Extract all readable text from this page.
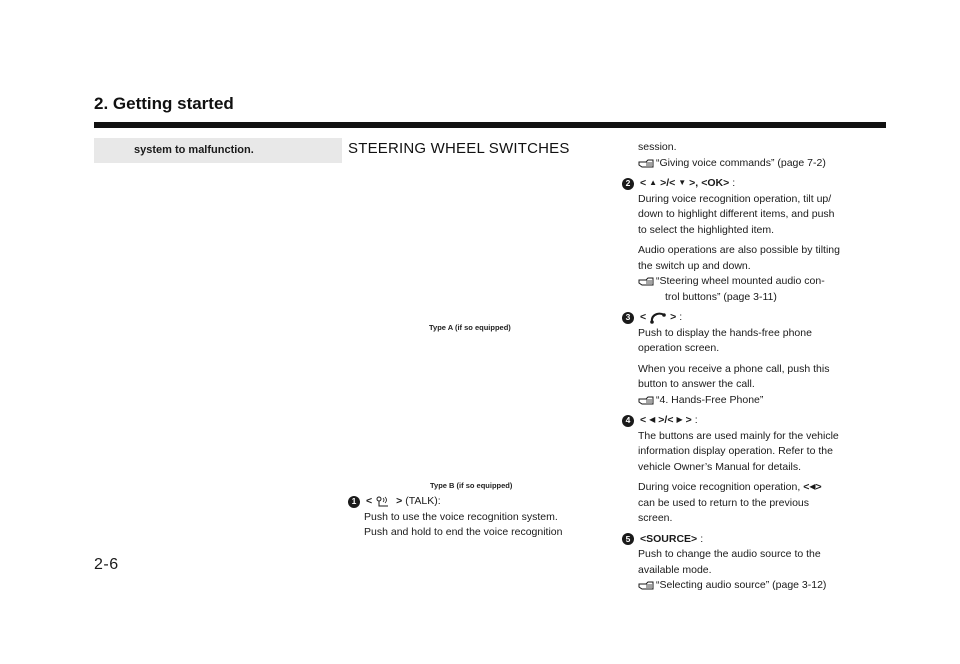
2. Getting started
system to malfunction.
2-6
STEERING WHEEL SWITCHES
Type A (if so equipped)
Type B (if so equipped)
1 < > (TALK):

Push to use the voice recognition system.

Push and hold to end the voice recognition

session.

“Giving voice commands” (page 7-2)
2 < ▲ >/< ▼ >, <OK> :

During voice recognition operation, tilt up/

down to highlight different items, and push

to select the highlighted item.

Audio operations are also possible by tilting

the switch up and down.

“Steering wheel mounted audio con-
trol buttons” (page 3-11)
3 < > :

Push to display the hands-free phone

operation screen.

When you receive a phone call, push this

button to answer the call.

“4. Hands-Free Phone”
4 < ◀ >/< ▶ > :

The buttons are used mainly for the vehicle

information display operation. Refer to the

vehicle Owner’s Manual for details.

During voice recognition operation, <◀>

can be used to return to the previous

screen.

5 <SOURCE> :

Push to change the audio source to the

available mode.

“Selecting audio source” (page 3-12)
